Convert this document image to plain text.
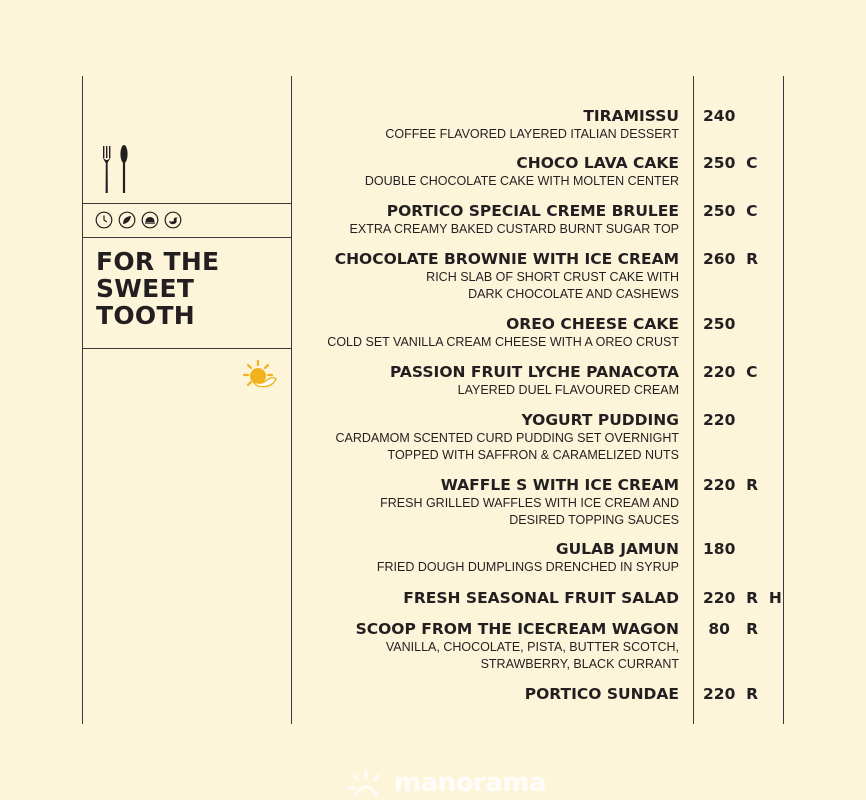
FOR THE
SWEET
TOOTH
TIRAMISSU
COFFEE FLAVORED LAYERED ITALIAN DESSERT
240
CHOCO LAVA CAKE
DOUBLE CHOCOLATE CAKE WITH MOLTEN CENTER
250  C
PORTICO SPECIAL CREME BRULEE
EXTRA CREAMY BAKED CUSTARD BURNT SUGAR TOP
250  C
CHOCOLATE BROWNIE WITH ICE CREAM
RICH SLAB OF SHORT CRUST CAKE WITH
DARK CHOCOLATE AND CASHEWS
260  R
OREO CHEESE CAKE
COLD SET VANILLA CREAM CHEESE WITH A OREO CRUST
250
PASSION FRUIT LYCHE PANACOTA
LAYERED DUEL FLAVOURED CREAM
220  C
YOGURT PUDDING
CARDAMOM SCENTED CURD PUDDING SET OVERNIGHT
TOPPED WITH SAFFRON & CARAMELIZED NUTS
220
WAFFLE S WITH ICE CREAM
FRESH GRILLED WAFFLES WITH ICE CREAM AND
DESIRED TOPPING SAUCES
220  R
GULAB JAMUN
FRIED DOUGH DUMPLINGS DRENCHED IN SYRUP
180
FRESH SEASONAL FRUIT SALAD 220  R  H
SCOOP FROM THE ICECREAM WAGON
VANILLA, CHOCOLATE, PISTA, BUTTER SCOTCH,
STRAWBERRY, BLACK CURRANT
80   R
PORTICO SUNDAE 220  R
manorama
